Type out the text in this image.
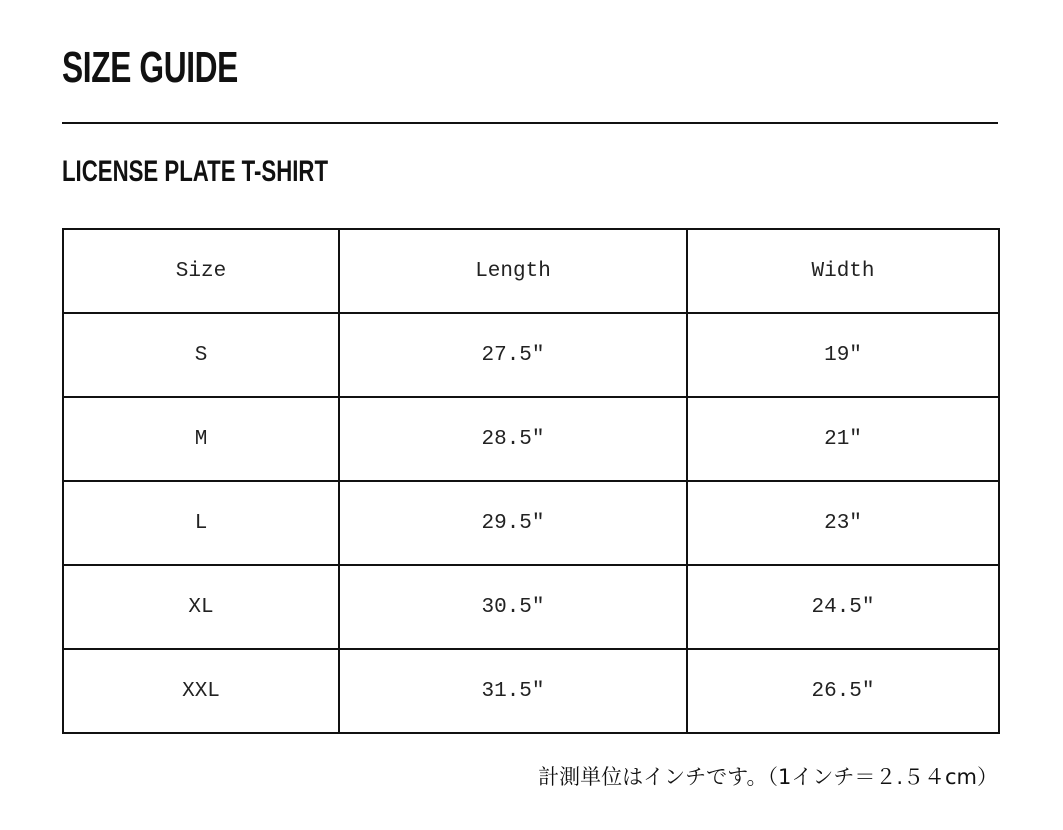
SIZE GUIDE
LICENSE PLATE T-SHIRT
Size	Length	Width
S	27.5"	19"
M	28.5"	21"
L	29.5"	23"
XL	30.5"	24.5"
XXL	31.5"	26.5"

計測単位はインチです。（1インチ＝２.５４cm）
